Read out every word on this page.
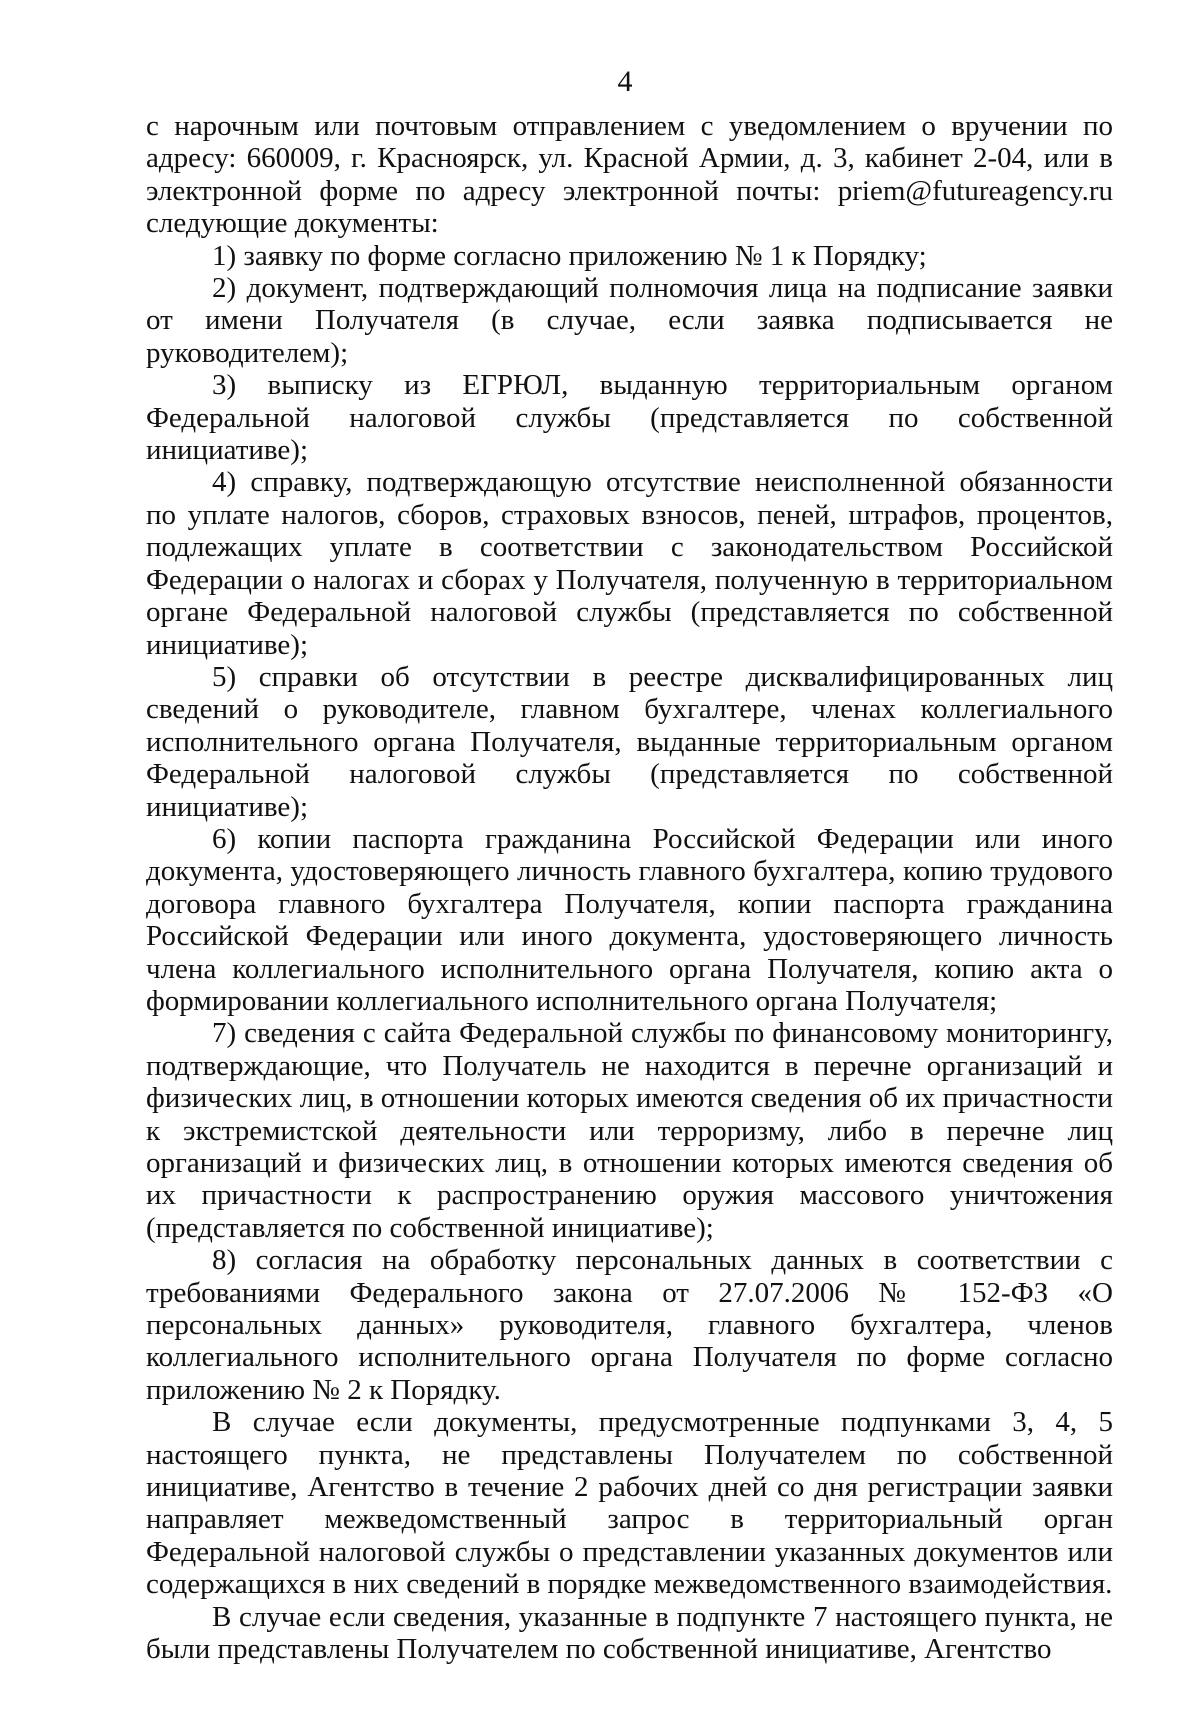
4

с нарочным или почтовым отправлением с уведомлением о вручении по адресу: 660009, г. Красноярск, ул. Красной Армии, д. 3, кабинет 2-04, или в электронной форме по адресу электронной почты: priem@futureagency.ru следующие документы:

1) заявку по форме согласно приложению № 1 к Порядку;

2) документ, подтверждающий полномочия лица на подписание заявки от имени Получателя (в случае, если заявка подписывается не руководителем);

3) выписку из ЕГРЮЛ, выданную территориальным органом Федеральной налоговой службы (представляется по собственной инициативе);

4) справку, подтверждающую отсутствие неисполненной обязанности по уплате налогов, сборов, страховых взносов, пеней, штрафов, процентов, подлежащих уплате в соответствии с законодательством Российской Федерации о налогах и сборах у Получателя, полученную в территориальном органе Федеральной налоговой службы (представляется по собственной инициативе);

5) справки об отсутствии в реестре дисквалифицированных лиц сведений о руководителе, главном бухгалтере, членах коллегиального исполнительного органа Получателя, выданные территориальным органом Федеральной налоговой службы (представляется по собственной инициативе);

6) копии паспорта гражданина Российской Федерации или иного документа, удостоверяющего личность главного бухгалтера, копию трудового договора главного бухгалтера Получателя, копии паспорта гражданина Российской Федерации или иного документа, удостоверяющего личность члена коллегиального исполнительного органа Получателя, копию акта о формировании коллегиального исполнительного органа Получателя;

7) сведения с сайта Федеральной службы по финансовому мониторингу, подтверждающие, что Получатель не находится в перечне организаций и физических лиц, в отношении которых имеются сведения об их причастности к экстремистской деятельности или терроризму, либо в перечне лиц организаций и физических лиц, в отношении которых имеются сведения об их причастности к распространению оружия массового уничтожения (представляется по собственной инициативе);

8) согласия на обработку персональных данных в соответствии с требованиями Федерального закона от 27.07.2006 № 152-ФЗ «О персональных данных» руководителя, главного бухгалтера, членов коллегиального исполнительного органа Получателя по форме согласно приложению № 2 к Порядку.

В случае если документы, предусмотренные подпунками 3, 4, 5 настоящего пункта, не представлены Получателем по собственной инициативе, Агентство в течение 2 рабочих дней со дня регистрации заявки направляет межведомственный запрос в территориальный орган Федеральной налоговой службы о представлении указанных документов или содержащихся в них сведений в порядке межведомственного взаимодействия.

В случае если сведения, указанные в подпункте 7 настоящего пункта, не были представлены Получателем по собственной инициативе, Агентство
